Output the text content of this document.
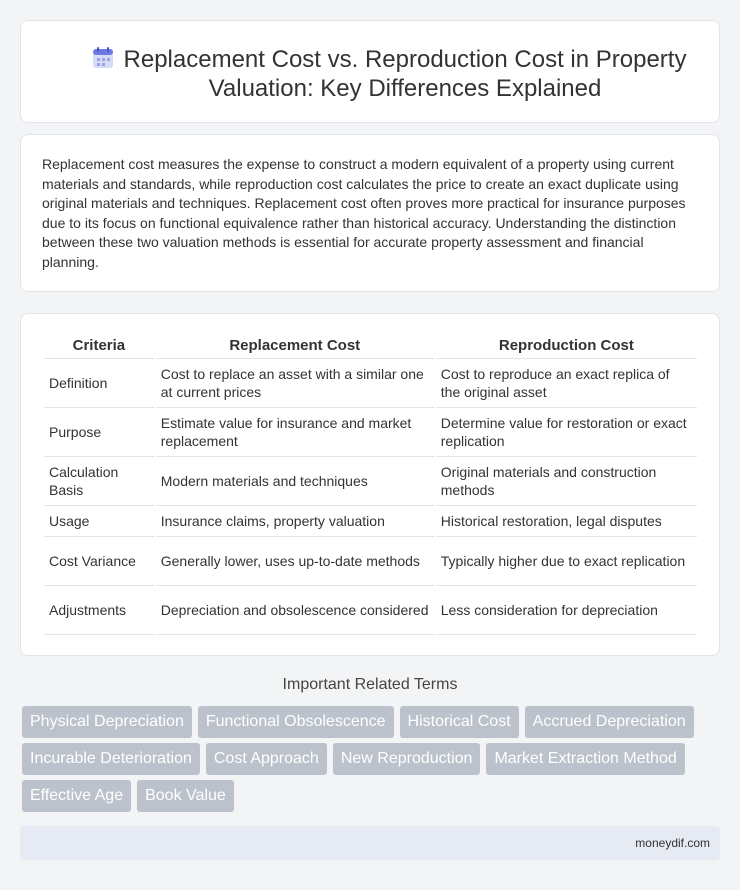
Replacement Cost vs. Reproduction Cost in Property Valuation: Key Differences Explained

Replacement cost measures the expense to construct a modern equivalent of a property using current materials and standards, while reproduction cost calculates the price to create an exact duplicate using original materials and techniques. Replacement cost often proves more practical for insurance purposes due to its focus on functional equivalence rather than historical accuracy. Understanding the distinction between these two valuation methods is essential for accurate property assessment and financial planning.

Criteria	Replacement Cost	Reproduction Cost
Definition	Cost to replace an asset with a similar one at current prices	Cost to reproduce an exact replica of the original asset
Purpose	Estimate value for insurance and market replacement	Determine value for restoration or exact replication
Calculation Basis	Modern materials and techniques	Original materials and construction methods
Usage	Insurance claims, property valuation	Historical restoration, legal disputes
Cost Variance	Generally lower, uses up-to-date methods	Typically higher due to exact replication
Adjustments	Depreciation and obsolescence considered	Less consideration for depreciation
Important Related Terms
Physical Depreciation	Functional Obsolescence	Historical Cost	Accrued Depreciation
Incurable Deterioration	Cost Approach	New Reproduction	Market Extraction Method
Effective Age	Book Value
moneydif.com
